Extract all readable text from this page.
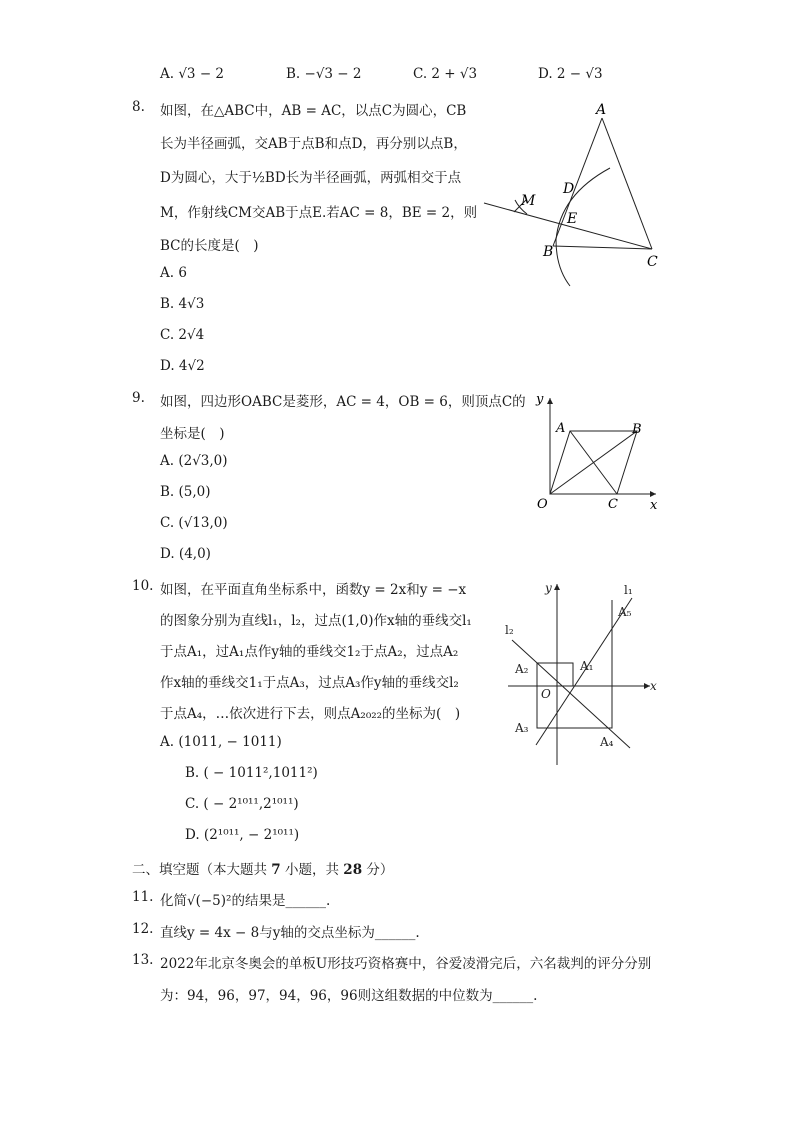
A. √3 − 2	B. −√3 − 2	C. 2 + √3	D. 2 − √3
8. 如图，在△ABC中，AB = AC，以点C为圆心，CB
长为半径画弧，交AB于点B和点D，再分别以点B，
D为圆心，大于½BD长为半径画弧，两弧相交于点
M，作射线CM交AB于点E.若AC = 8，BE = 2，则
BC的长度是(　)
A. 6
B. 4√3
C. 2√4
D. 4√2
A
D
M
E
B
C
9. 如图，四边形OABC是菱形，AC = 4，OB = 6，则顶点C的
坐标是(　)
A. (2√3,0)
B. (5,0)
C. (√13,0)
D. (4,0)
y
A	B
O	C x
10. 如图，在平面直角坐标系中，函数y = 2x和y = −x
的图象分别为直线l₁，l₂，过点(1,0)作x轴的垂线交l₁
于点A₁，过A₁点作y轴的垂线交1₂于点A₂，过点A₂
作x轴的垂线交1₁于点A₃，过点A₃作y轴的垂线交l₂
于点A₄，…依次进行下去，则点A₂₀₂₂的坐标为(　)
A. (1011, − 1011)
B. ( − 1011²,1011²)
C. ( − 2¹⁰¹¹,2¹⁰¹¹)
D. (2¹⁰¹¹, − 2¹⁰¹¹)
y	l₁
A₅
l₂
A₂	A₁
O
x
A₃
A₄
二、填空题（本大题共 7 小题，共 28 分）
11. 化简√(−5)²的结果是______.
12. 直线y = 4x − 8与y轴的交点坐标为______.
13. 2022年北京冬奥会的单板U形技巧资格赛中，谷爱凌滑完后，六名裁判的评分分别
为：94，96，97，94，96，96则这组数据的中位数为______.
